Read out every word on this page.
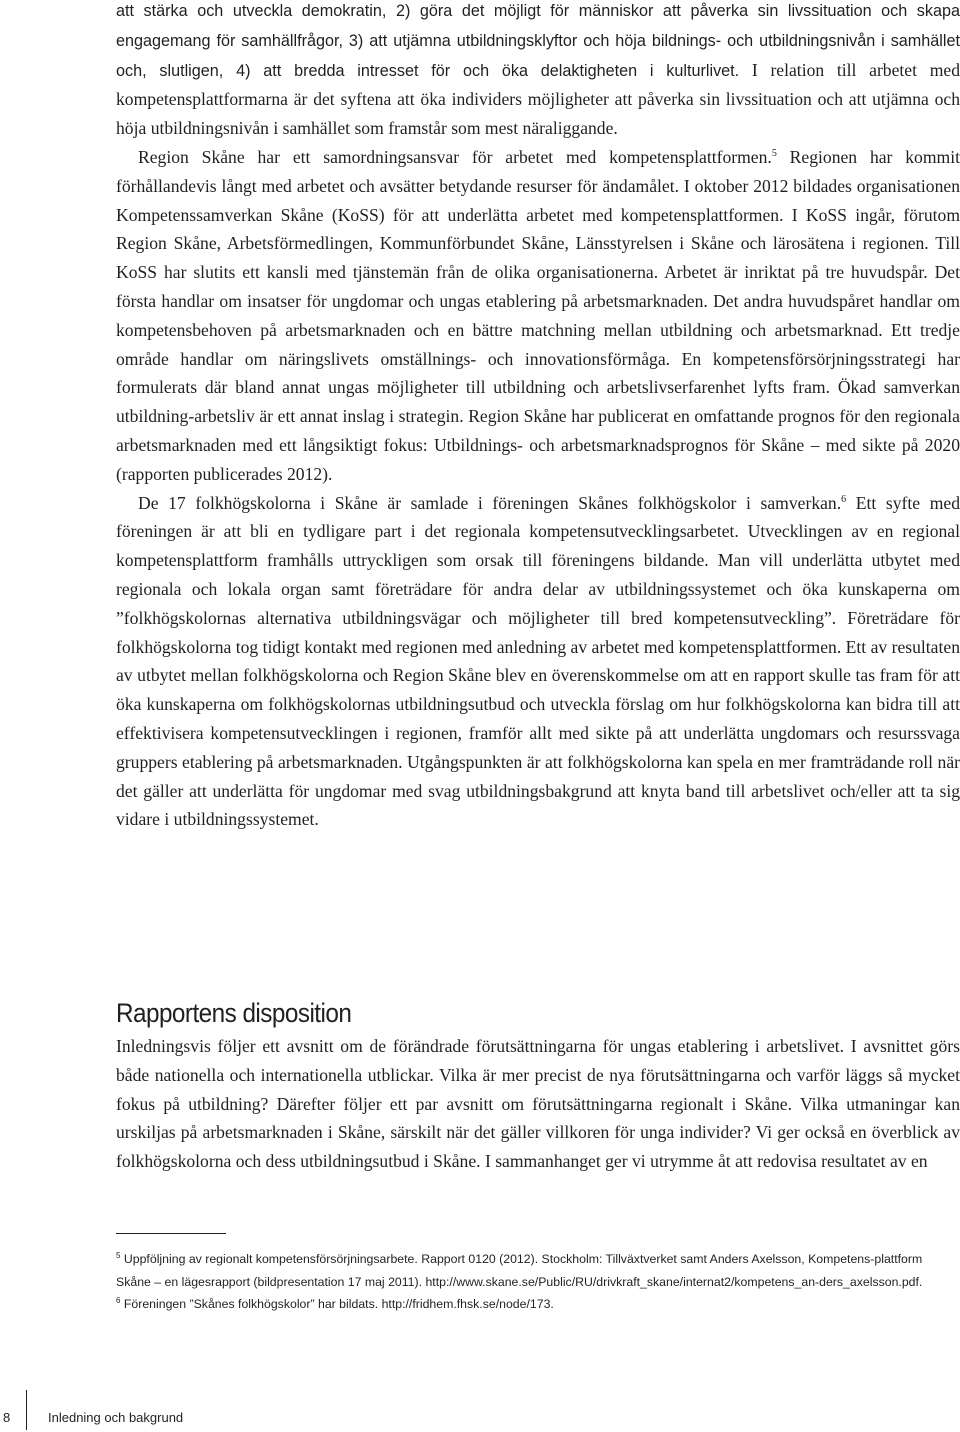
att stärka och utveckla demokratin, 2) göra det möjligt för människor att påverka sin livssituation och skapa engagemang för samhällfrågor, 3) att utjämna utbildningsklyftor och höja bildnings- och utbildningsnivån i samhället och, slutligen, 4) att bredda intresset för och öka delaktigheten i kulturlivet. I relation till arbetet med kompetensplattformarna är det syftena att öka individers möjligheter att påverka sin livssituation och att utjämna och höja utbildningsnivån i samhället som framstår som mest näraliggande.

Region Skåne har ett samordningsansvar för arbetet med kompetensplattformen.$^5$ Regionen har kommit förhållandevis långt med arbetet och avsätter betydande resurser för ändamålet. I oktober 2012 bildades organisationen Kompetenssamverkan Skåne (KoSS) för att underlätta arbetet med kompetensplattformen. I KoSS ingår, förutom Region Skåne, Arbetsförmedlingen, Kommunförbundet Skåne, Länsstyrelsen i Skåne och lärosätena i regionen. Till KoSS har slutits ett kansli med tjänstemän från de olika organisationerna. Arbetet är inriktat på tre huvudspår. Det första handlar om insatser för ungdomar och ungas etablering på arbetsmarknaden. Det andra huvudspåret handlar om kompetensbehoven på arbetsmarknaden och en bättre matchning mellan utbildning och arbetsmarknad. Ett tredje område handlar om näringslivets omställnings- och innovationsförmåga. En kompetensförsörjningsstrategi har formulerats där bland annat ungas möjligheter till utbildning och arbetslivserfarenhet lyfts fram. Ökad samverkan utbildning-arbetsliv är ett annat inslag i strategin. Region Skåne har publicerat en omfattande prognos för den regionala arbetsmarknaden med ett långsiktigt fokus: Utbildnings- och arbetsmarknadsprognos för Skåne – med sikte på 2020 (rapporten publicerades 2012).

De 17 folkhögskolorna i Skåne är samlade i föreningen Skånes folkhögskolor i samverkan.$^6$ Ett syfte med föreningen är att bli en tydligare part i det regionala kompetensutvecklingsarbetet. Utvecklingen av en regional kompetensplattform framhålls uttryckligen som orsak till föreningens bildande. Man vill underlätta utbytet med regionala och lokala organ samt företrädare för andra delar av utbildningssystemet och öka kunskaperna om ”folkhögskolornas alternativa utbildningsvägar och möjligheter till bred kompetensutveckling”. Företrädare för folkhögskolorna tog tidigt kontakt med regionen med anledning av arbetet med kompetensplattformen. Ett av resultaten av utbytet mellan folkhögskolorna och Region Skåne blev en överenskommelse om att en rapport skulle tas fram för att öka kunskaperna om folkhögskolornas utbildningsutbud och utveckla förslag om hur folkhögskolorna kan bidra till att effektivisera kompetensutvecklingen i regionen, framför allt med sikte på att underlätta ungdomars och resurssvaga gruppers etablering på arbetsmarknaden. Utgångspunkten är att folkhögskolorna kan spela en mer framträdande roll när det gäller att underlätta för ungdomar med svag utbildningsbakgrund att knyta band till arbetslivet och/eller att ta sig vidare i utbildningssystemet.

Rapportens disposition

Inledningsvis följer ett avsnitt om de förändrade förutsättningarna för ungas etablering i arbetslivet. I avsnittet görs både nationella och internationella utblickar. Vilka är mer precist de nya förutsättningarna och varför läggs så mycket fokus på utbildning? Därefter följer ett par avsnitt om förutsättningarna regionalt i Skåne. Vilka utmaningar kan urskiljas på arbetsmarknaden i Skåne, särskilt när det gäller villkoren för unga individer? Vi ger också en överblick av folkhögskolorna och dess utbildningsutbud i Skåne. I sammanhanget ger vi utrymme åt att redovisa resultatet av en

$^5$ Uppföljning av regionalt kompetensförsörjningsarbete. Rapport 0120 (2012). Stockholm: Tillväxtverket samt Anders Axelsson, Kompetens-plattform Skåne – en lägesrapport (bildpresentation 17 maj 2011). http://www.skane.se/Public/RU/drivkraft_skane/internat2/kompetens_an-ders_axelsson.pdf.

$^6$ Föreningen ”Skånes folkhögskolor” har bildats. http://fridhem.fhsk.se/node/173.

8	Inledning och bakgrund
